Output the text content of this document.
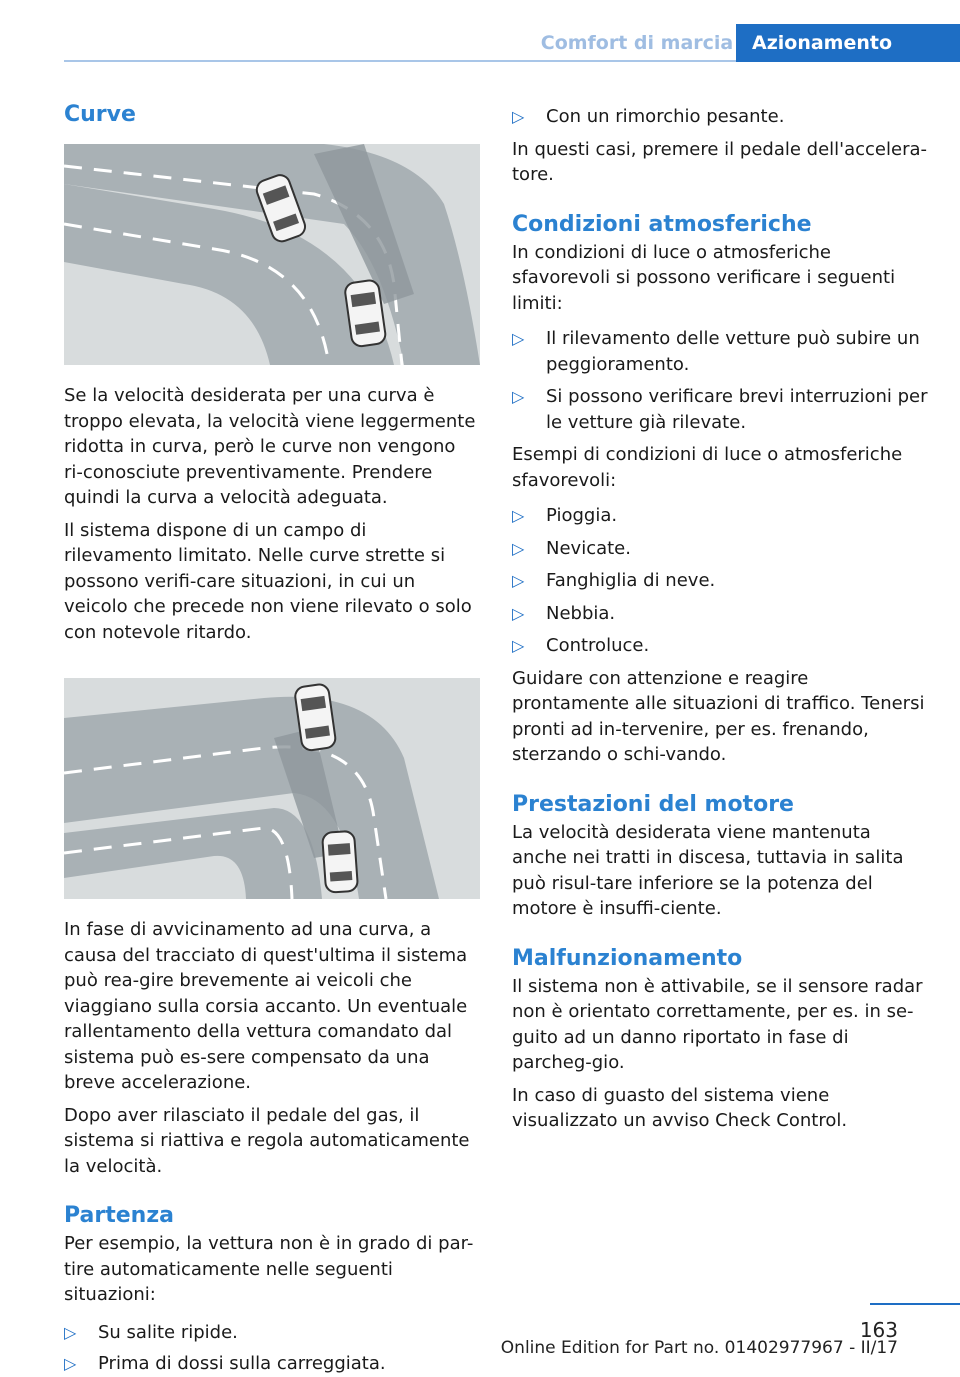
Comfort di marcia Azionamento
Curve

Se la velocità desiderata per una curva è troppo elevata, la velocità viene leggermente ridotta in curva, però le curve non vengono ri-conosciute preventivamente. Prendere quindi la curva a velocità adeguata.

Il sistema dispone di un campo di rilevamento limitato. Nelle curve strette si possono verifi-care situazioni, in cui un veicolo che precede non viene rilevato o solo con notevole ritardo.

In fase di avvicinamento ad una curva, a causa del tracciato di quest'ultima il sistema può rea-gire brevemente ai veicoli che viaggiano sulla corsia accanto. Un eventuale rallentamento della vettura comandato dal sistema può es-sere compensato da una breve accelerazione.

Dopo aver rilasciato il pedale del gas, il sistema si riattiva e regola automaticamente la velocità.

Partenza

Per esempio, la vettura non è in grado di par-tire automaticamente nelle seguenti situazioni:

▷ Su salite ripide.
▷ Prima di dossi sulla carreggiata.
▷ Con un rimorchio pesante.

In questi casi, premere il pedale dell'accelera-tore.

Condizioni atmosferiche

In condizioni di luce o atmosferiche sfavorevoli si possono verificare i seguenti limiti:

▷ Il rilevamento delle vetture può subire un peggioramento.
▷ Si possono verificare brevi interruzioni per le vetture già rilevate.

Esempi di condizioni di luce o atmosferiche sfavorevoli:

▷ Pioggia.
▷ Nevicate.
▷ Fanghiglia di neve.
▷ Nebbia.
▷ Controluce.

Guidare con attenzione e reagire prontamente alle situazioni di traffico. Tenersi pronti ad in-tervenire, per es. frenando, sterzando o schi-vando.

Prestazioni del motore

La velocità desiderata viene mantenuta anche nei tratti in discesa, tuttavia in salita può risul-tare inferiore se la potenza del motore è insuffi-ciente.

Malfunzionamento

Il sistema non è attivabile, se il sensore radar non è orientato correttamente, per es. in se-guito ad un danno riportato in fase di parcheg-gio.

In caso di guasto del sistema viene visualizzato un avviso Check Control.

163
Online Edition for Part no. 01402977967 - II/17
